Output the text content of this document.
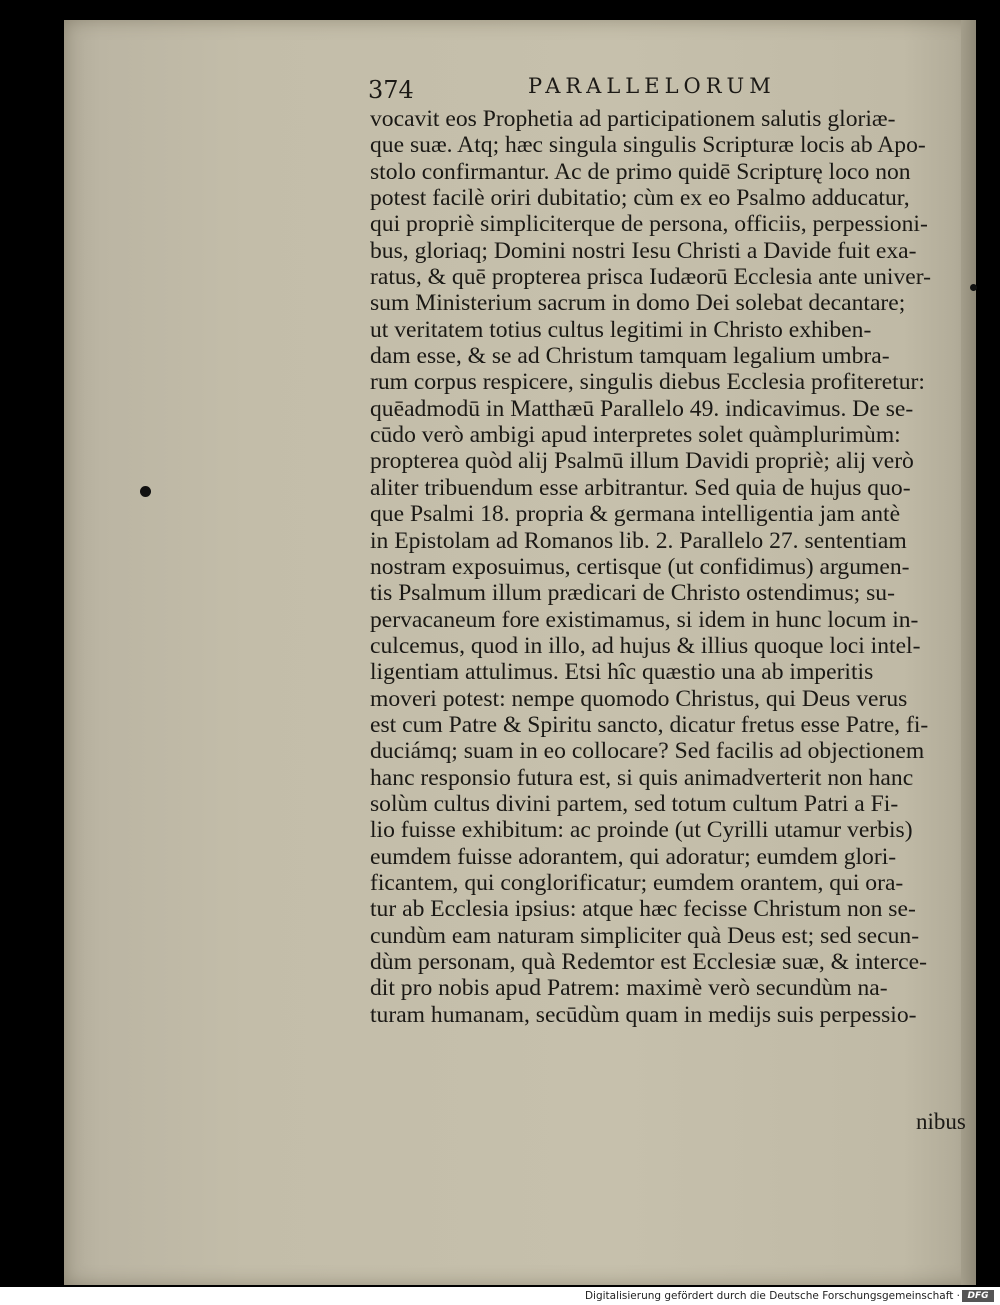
374	PARALLELORUM
vocavit eos Prophetia ad participationem salutis gloriæ-
que suæ. Atq; hæc singula singulis Scripturæ locis ab Apo-
stolo confirmantur. Ac de primo quidē Scripturę loco non
potest facilè oriri dubitatio; cùm ex eo Psalmo adducatur,
qui propriè simpliciterque de persona, officiis, perpessioni-
bus, gloriaq; Domini nostri Iesu Christi a Davide fuit exa-
ratus, & quē propterea prisca Iudæorū Ecclesia ante univer-
sum Ministerium sacrum in domo Dei solebat decantare;
ut veritatem totius cultus legitimi in Christo exhiben-
dam esse, & se ad Christum tamquam legalium umbra-
rum corpus respicere, singulis diebus Ecclesia profiteretur:
quēadmodū in Matthæū Parallelo 49. indicavimus. De se-
cūdo verò ambigi apud interpretes solet quàmplurimùm:
propterea quòd alij Psalmū illum Davidi propriè; alij verò
aliter tribuendum esse arbitrantur. Sed quia de hujus quo-
que Psalmi 18. propria & germana intelligentia jam antè
in Epistolam ad Romanos lib. 2. Parallelo 27. sententiam
nostram exposuimus, certisque (ut confidimus) argumen-
tis Psalmum illum prædicari de Christo ostendimus; su-
pervacaneum fore existimamus, si idem in hunc locum in-
culcemus, quod in illo, ad hujus & illius quoque loci intel-
ligentiam attulimus. Etsi hîc quæstio una ab imperitis
moveri potest: nempe quomodo Christus, qui Deus verus
est cum Patre & Spiritu sancto, dicatur fretus esse Patre, fi-
duciámq; suam in eo collocare? Sed facilis ad objectionem
hanc responsio futura est, si quis animadverterit non hanc
solùm cultus divini partem, sed totum cultum Patri a Fi-
lio fuisse exhibitum: ac proinde (ut Cyrilli utamur verbis)
eumdem fuisse adorantem, qui adoratur; eumdem glori-
ficantem, qui conglorificatur; eumdem orantem, qui ora-
tur ab Ecclesia ipsius: atque hæc fecisse Christum non se-
cundùm eam naturam simpliciter quà Deus est; sed secun-
dùm personam, quà Redemtor est Ecclesiæ suæ, & interce-
dit pro nobis apud Patrem: maximè verò secundùm na-
turam humanam, secūdùm quam in medijs suis perpessio-
nibus
Digitalisierung gefördert durch die Deutsche Forschungsgemeinschaft · DFG
